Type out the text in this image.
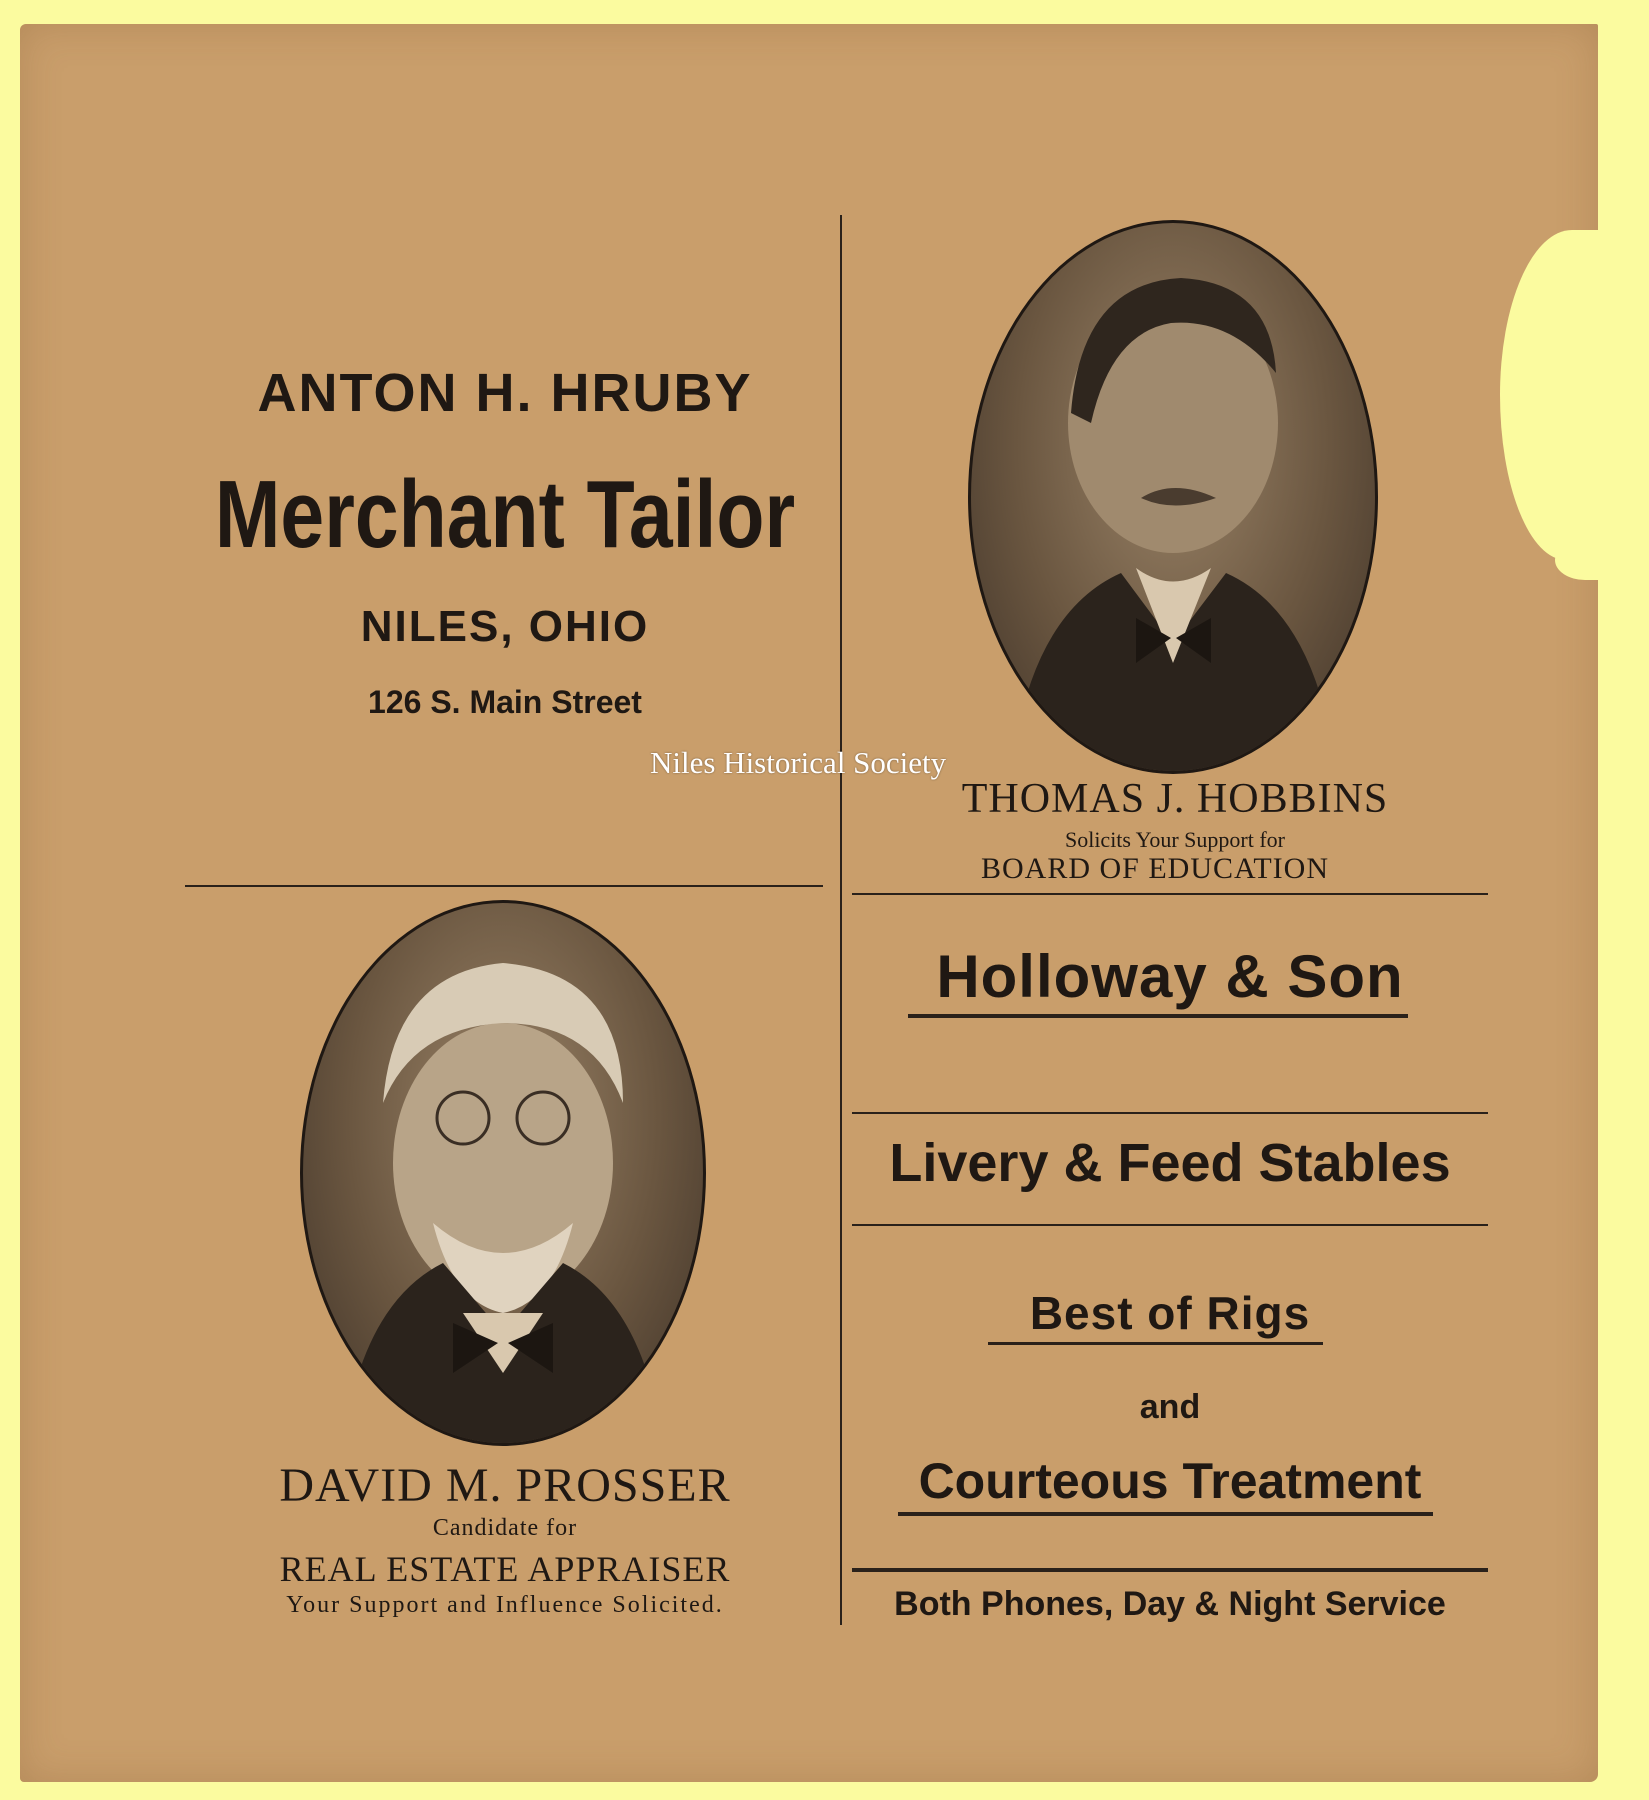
ANTON H. HRUBY
Merchant Tailor
NILES, OHIO
126 S. Main Street
THOMAS J. HOBBINS
Solicits Your Support for
BOARD OF EDUCATION
DAVID M. PROSSER
Candidate for
REAL ESTATE APPRAISER
Your Support and Influence Solicited.
Holloway & Son
Livery & Feed Stables
Best of Rigs
and
Courteous Treatment
Both Phones, Day & Night Service
Niles Historical Society
